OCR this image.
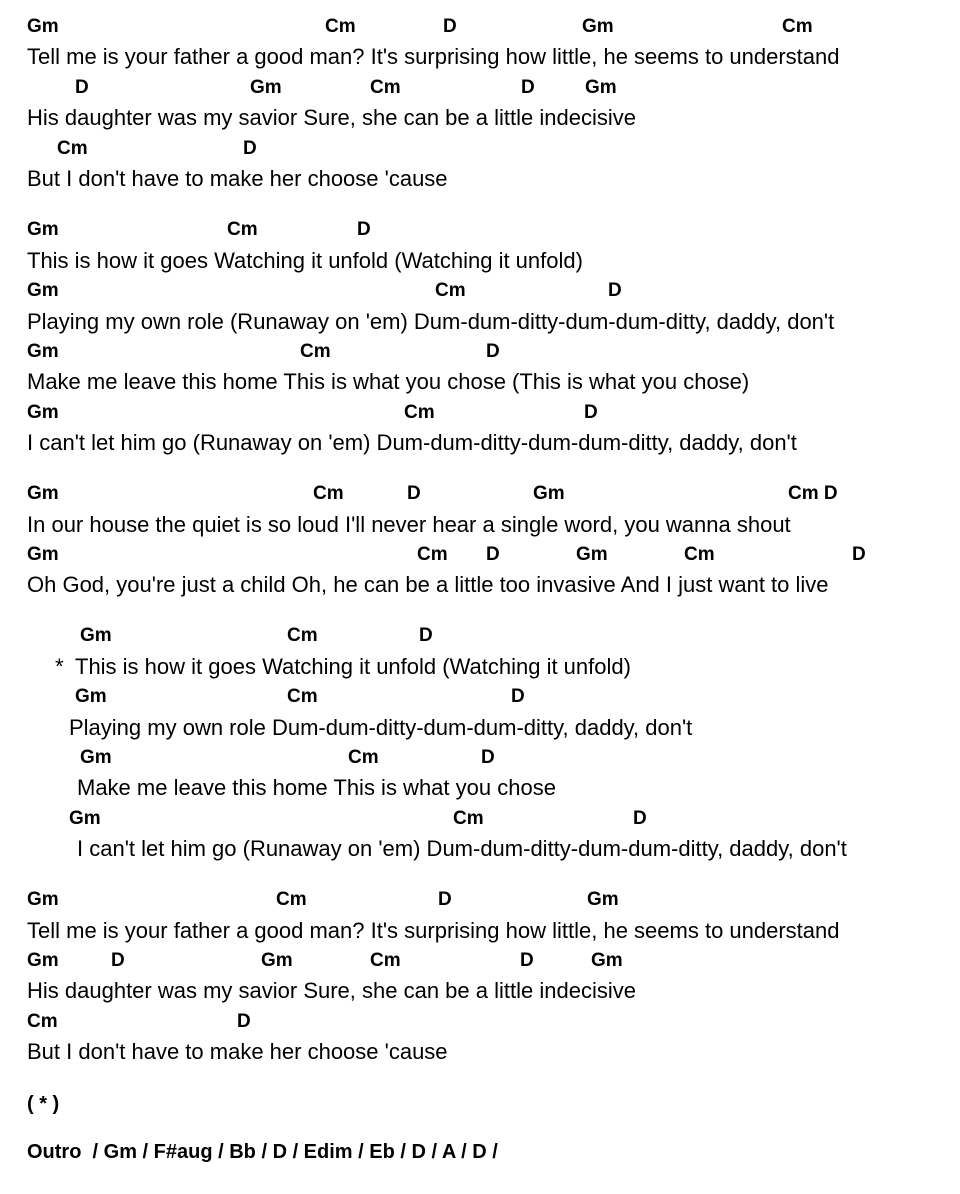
Gm	Cm	D	Gm	Cm
Tell me is your father a good man? It's surprising how little, he seems to understand
D	Gm	Cm	D	Gm
His daughter was my savior Sure, she can be a little indecisive
Cm	D
But I don't have to make her choose 'cause
Gm	Cm	D
This is how it goes Watching it unfold (Watching it unfold)
Gm	Cm	D
Playing my own role (Runaway on 'em) Dum-dum-ditty-dum-dum-ditty, daddy, don't
Gm	Cm	D
Make me leave this home This is what you chose (This is what you chose)
Gm	Cm	D
I can't let him go (Runaway on 'em) Dum-dum-ditty-dum-dum-ditty, daddy, don't
Gm	Cm	D	Gm	Cm D
In our house the quiet is so loud I'll never hear a single word, you wanna shout
Gm	Cm D	Gm	Cm	D
Oh God, you're just a child Oh, he can be a little too invasive And I just want to live
Gm	Cm	D
* This is how it goes Watching it unfold (Watching it unfold)
Gm	Cm	D
Playing my own role Dum-dum-ditty-dum-dum-ditty, daddy, don't
Gm	Cm	D
Make me leave this home This is what you chose
Gm	Cm	D
I can't let him go (Runaway on 'em) Dum-dum-ditty-dum-dum-ditty, daddy, don't
Gm	Cm	D	Gm
Tell me is your father a good man? It's surprising how little, he seems to understand
Gm	D	Gm	Cm	D	Gm
His daughter was my savior Sure, she can be a little indecisive
Cm	D
But I don't have to make her choose 'cause
( * )
Outro  / Gm / F#aug / Bb / D / Edim / Eb / D / A / D /
